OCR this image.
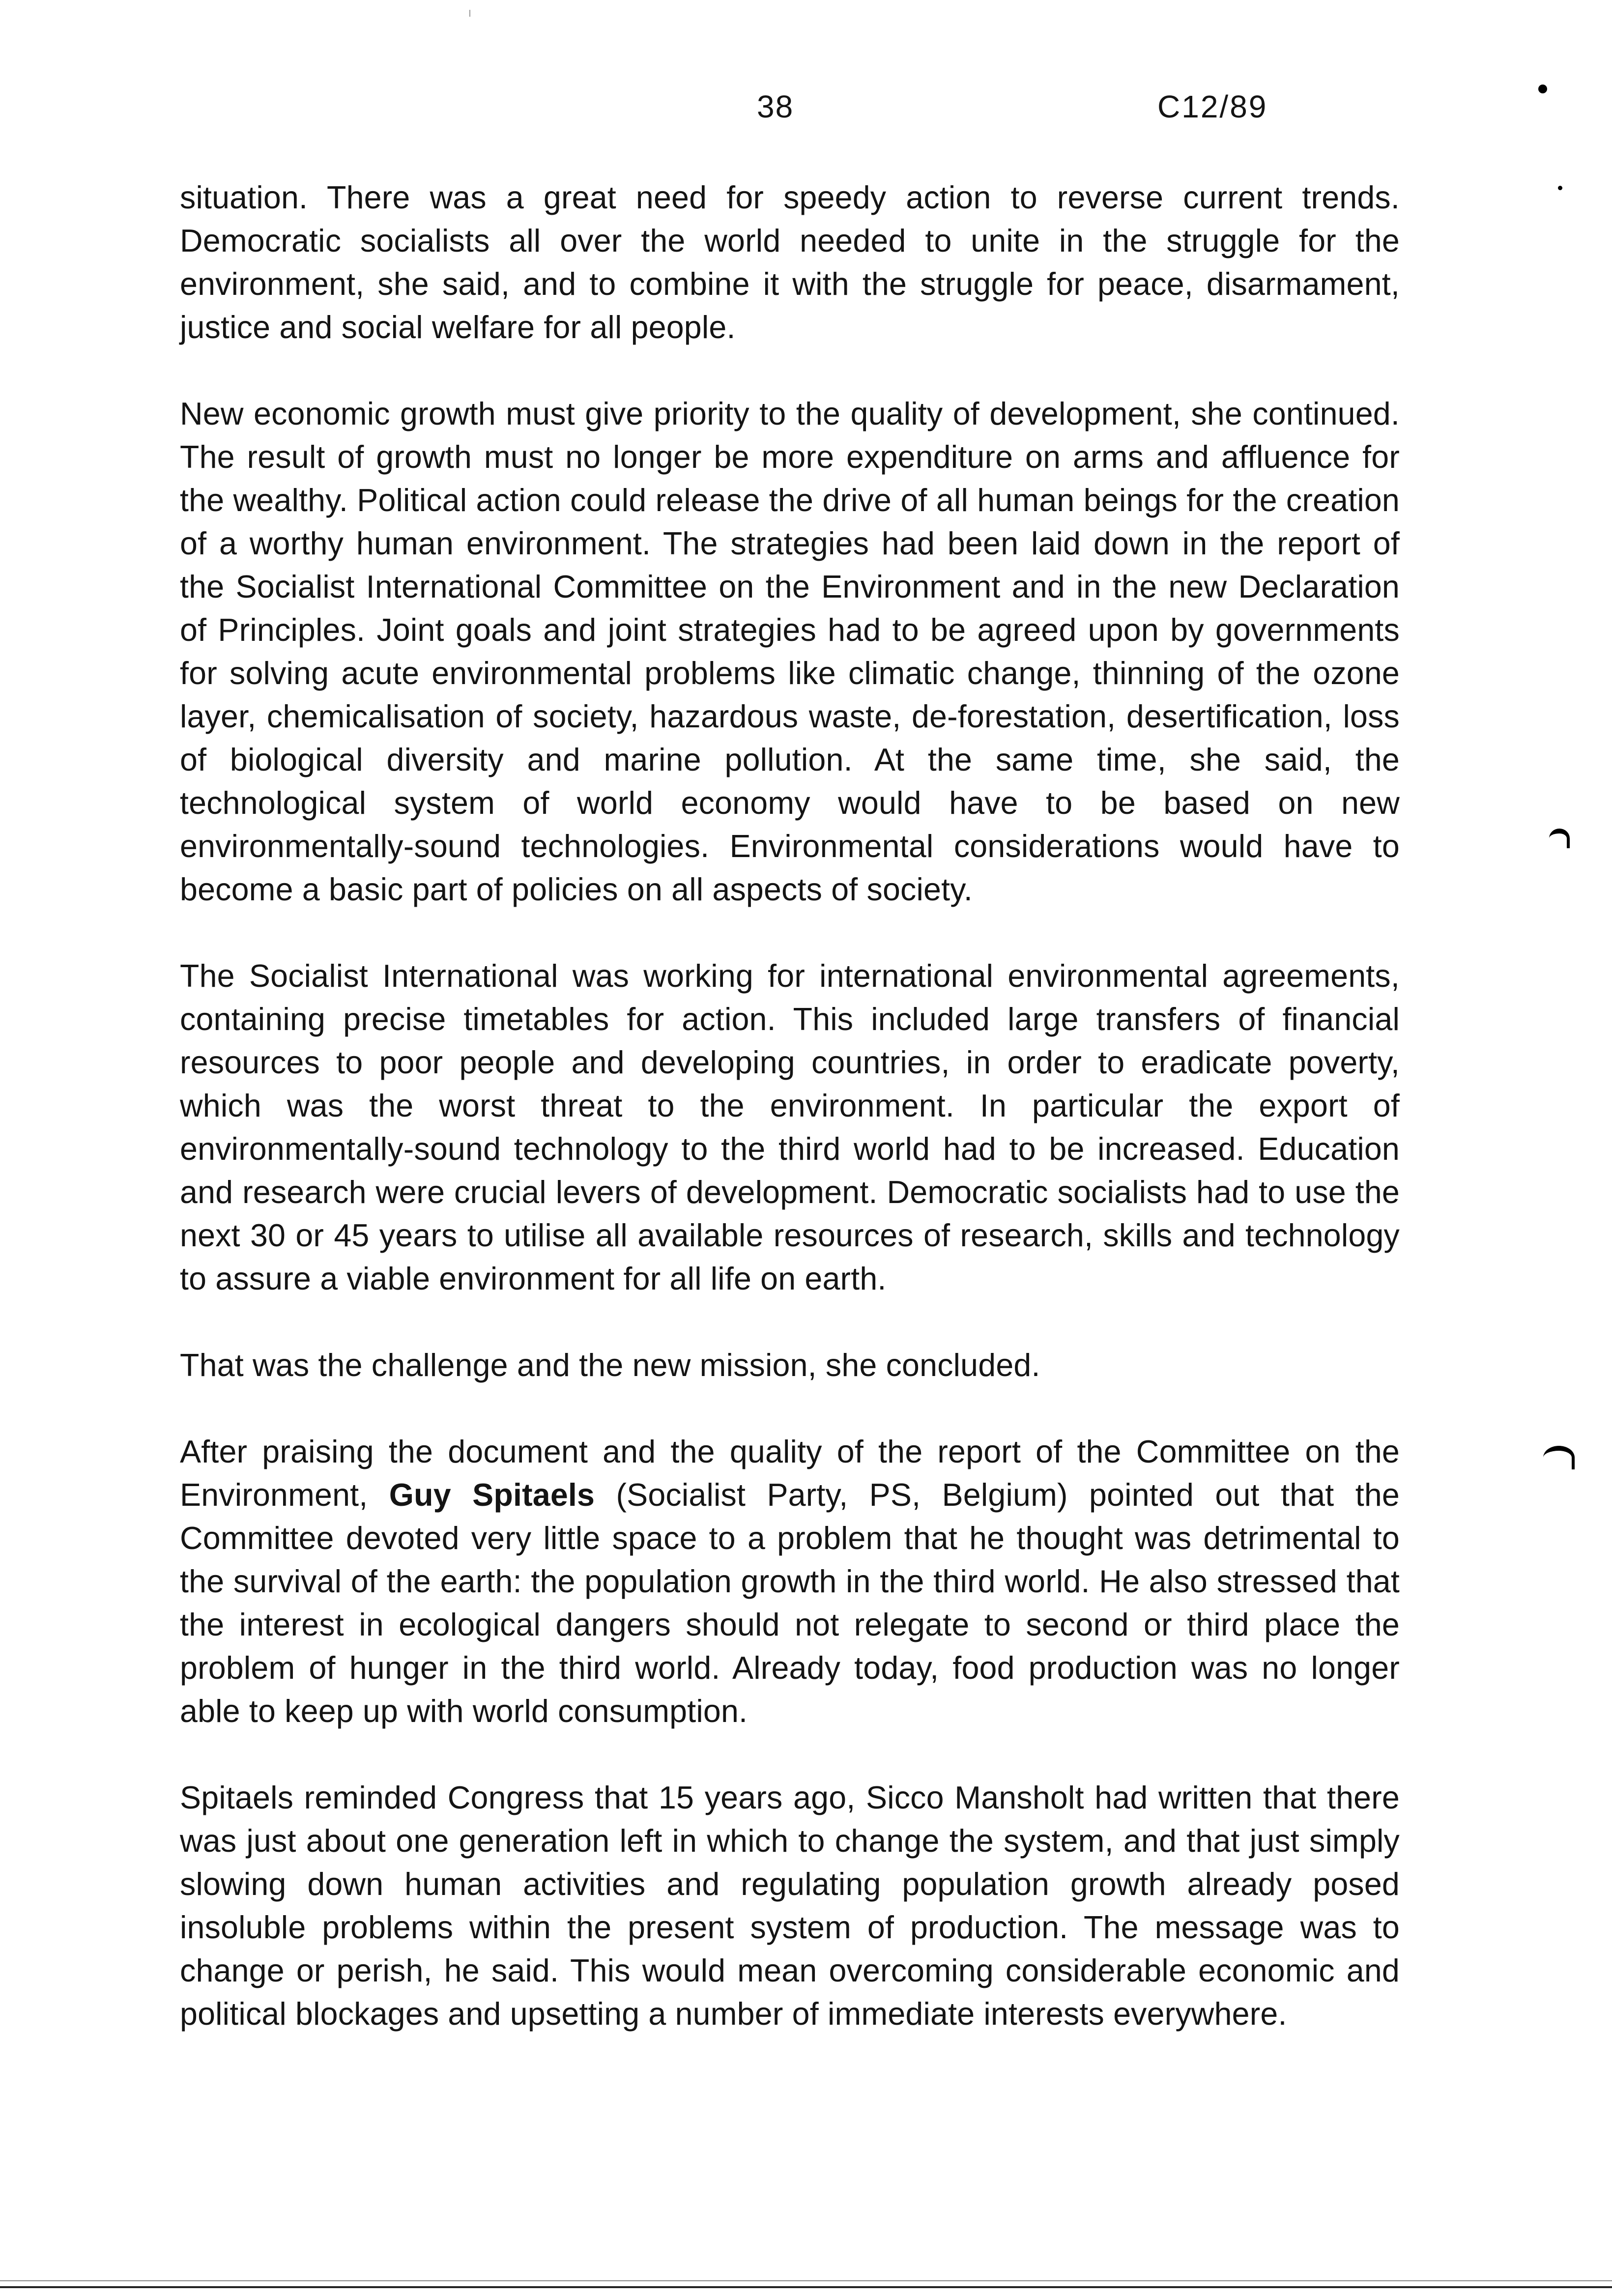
38	C12/89

situation. There was a great need for speedy action to reverse current trends. Democratic socialists all over the world needed to unite in the struggle for the environment, she said, and to combine it with the struggle for peace, disarmament, justice and social welfare for all people.

New economic growth must give priority to the quality of development, she continued. The result of growth must no longer be more expenditure on arms and affluence for the wealthy. Political action could release the drive of all human beings for the creation of a worthy human environment. The strategies had been laid down in the report of the Socialist International Committee on the Environment and in the new Declaration of Principles. Joint goals and joint strategies had to be agreed upon by governments for solving acute environmental problems like climatic change, thinning of the ozone layer, chemicalisation of society, hazardous waste, de-forestation, desertification, loss of biological diversity and marine pollution. At the same time, she said, the technological system of world economy would have to be based on new environmentally-sound technologies. Environmental considerations would have to become a basic part of policies on all aspects of society.

The Socialist International was working for international environmental agreements, containing precise timetables for action. This included large transfers of financial resources to poor people and developing countries, in order to eradicate poverty, which was the worst threat to the environment. In particular the export of environmentally-sound technology to the third world had to be increased. Education and research were crucial levers of development. Democratic socialists had to use the next 30 or 45 years to utilise all available resources of research, skills and technology to assure a viable environment for all life on earth.

That was the challenge and the new mission, she concluded.

After praising the document and the quality of the report of the Committee on the Environment, Guy Spitaels (Socialist Party, PS, Belgium) pointed out that the Committee devoted very little space to a problem that he thought was detrimental to the survival of the earth: the population growth in the third world. He also stressed that the interest in ecological dangers should not relegate to second or third place the problem of hunger in the third world. Already today, food production was no longer able to keep up with world consumption.

Spitaels reminded Congress that 15 years ago, Sicco Mansholt had written that there was just about one generation left in which to change the system, and that just simply slowing down human activities and regulating population growth already posed insoluble problems within the present system of production. The message was to change or perish, he said. This would mean overcoming considerable economic and political blockages and upsetting a number of immediate interests everywhere.
